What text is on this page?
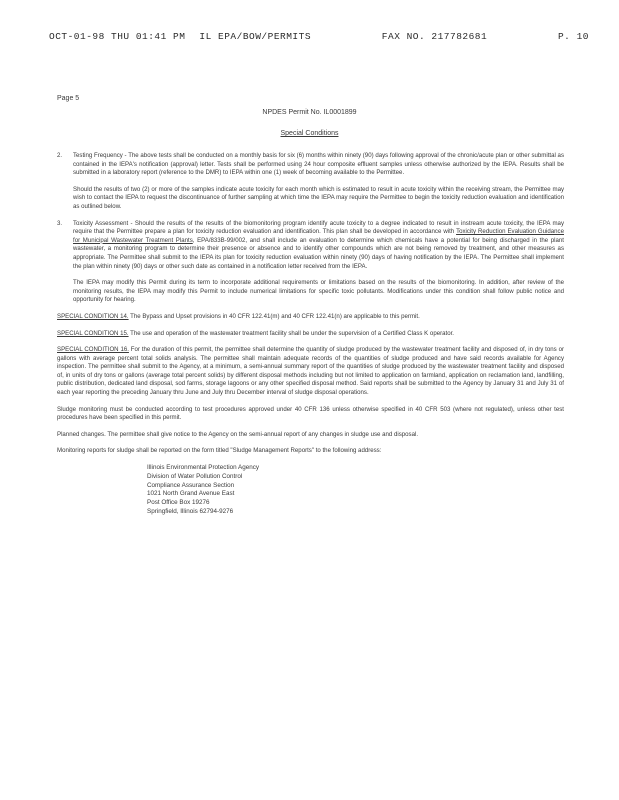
OCT-01-98 THU 01:41 PM IL EPA/BOW/PERMITS	FAX NO. 217782681	P. 10
Page 5
NPDES Permit No. IL0001899
Special Conditions
2.	Testing Frequency - The above tests shall be conducted on a monthly basis for six (6) months within ninety (90) days following approval of the chronic/acute plan or other submittal as contained in the IEPA's notification (approval) letter. Tests shall be performed using 24 hour composite effluent samples unless otherwise authorized by the IEPA. Results shall be submitted in a laboratory report (reference to the DMR) to IEPA within one (1) week of becoming available to the Permittee.

Should the results of two (2) or more of the samples indicate acute toxicity for each month which is estimated to result in acute toxicity within the receiving stream, the Permittee may wish to contact the IEPA to request the discontinuance of further sampling at which time the IEPA may require the Permittee to begin the toxicity reduction evaluation and identification as outlined below.

3.	Toxicity Assessment - Should the results of the results of the biomonitoring program identify acute toxicity to a degree indicated to result in instream acute toxicity, the IEPA may require that the Permittee prepare a plan for toxicity reduction evaluation and identification. This plan shall be developed in accordance with Toxicity Reduction Evaluation Guidance for Municipal Wastewater Treatment Plants, EPA/833B-99/002, and shall include an evaluation to determine which chemicals have a potential for being discharged in the plant wastewater, a monitoring program to determine their presence or absence and to identify other compounds which are not being removed by treatment, and other measures as appropriate. The Permittee shall submit to the IEPA its plan for toxicity reduction evaluation within ninety (90) days of having notification by the IEPA. The Permittee shall implement the plan within ninety (90) days or other such date as contained in a notification letter received from the IEPA.

The IEPA may modify this Permit during its term to incorporate additional requirements or limitations based on the results of the biomonitoring. In addition, after review of the monitoring results, the IEPA may modify this Permit to include numerical limitations for specific toxic pollutants. Modifications under this condition shall follow public notice and opportunity for hearing.

SPECIAL CONDITION 14. The Bypass and Upset provisions in 40 CFR 122.41(m) and 40 CFR 122.41(n) are applicable to this permit.

SPECIAL CONDITION 15. The use and operation of the wastewater treatment facility shall be under the supervision of a Certified Class K operator.

SPECIAL CONDITION 16. For the duration of this permit, the permittee shall determine the quantity of sludge produced by the wastewater treatment facility and disposed of, in dry tons or gallons with average percent total solids analysis. The permittee shall maintain adequate records of the quantities of sludge produced and have said records available for Agency inspection. The permittee shall submit to the Agency, at a minimum, a semi-annual summary report of the quantities of sludge produced by the wastewater treatment facility and disposed of, in units of dry tons or gallons (average total percent solids) by different disposal methods including but not limited to application on farmland, application on reclamation land, landfilling, public distribution, dedicated land disposal, sod farms, storage lagoons or any other specified disposal method. Said reports shall be submitted to the Agency by January 31 and July 31 of each year reporting the preceding January thru June and July thru December interval of sludge disposal operations.

Sludge monitoring must be conducted according to test procedures approved under 40 CFR 136 unless otherwise specified in 40 CFR 503 (where not regulated), unless other test procedures have been specified in this permit.

Planned changes. The permittee shall give notice to the Agency on the semi-annual report of any changes in sludge use and disposal.

Monitoring reports for sludge shall be reported on the form titled "Sludge Management Reports" to the following address:

Illinois Environmental Protection Agency
Division of Water Pollution Control
Compliance Assurance Section
1021 North Grand Avenue East
Post Office Box 19276
Springfield, Illinois 62794-9276
